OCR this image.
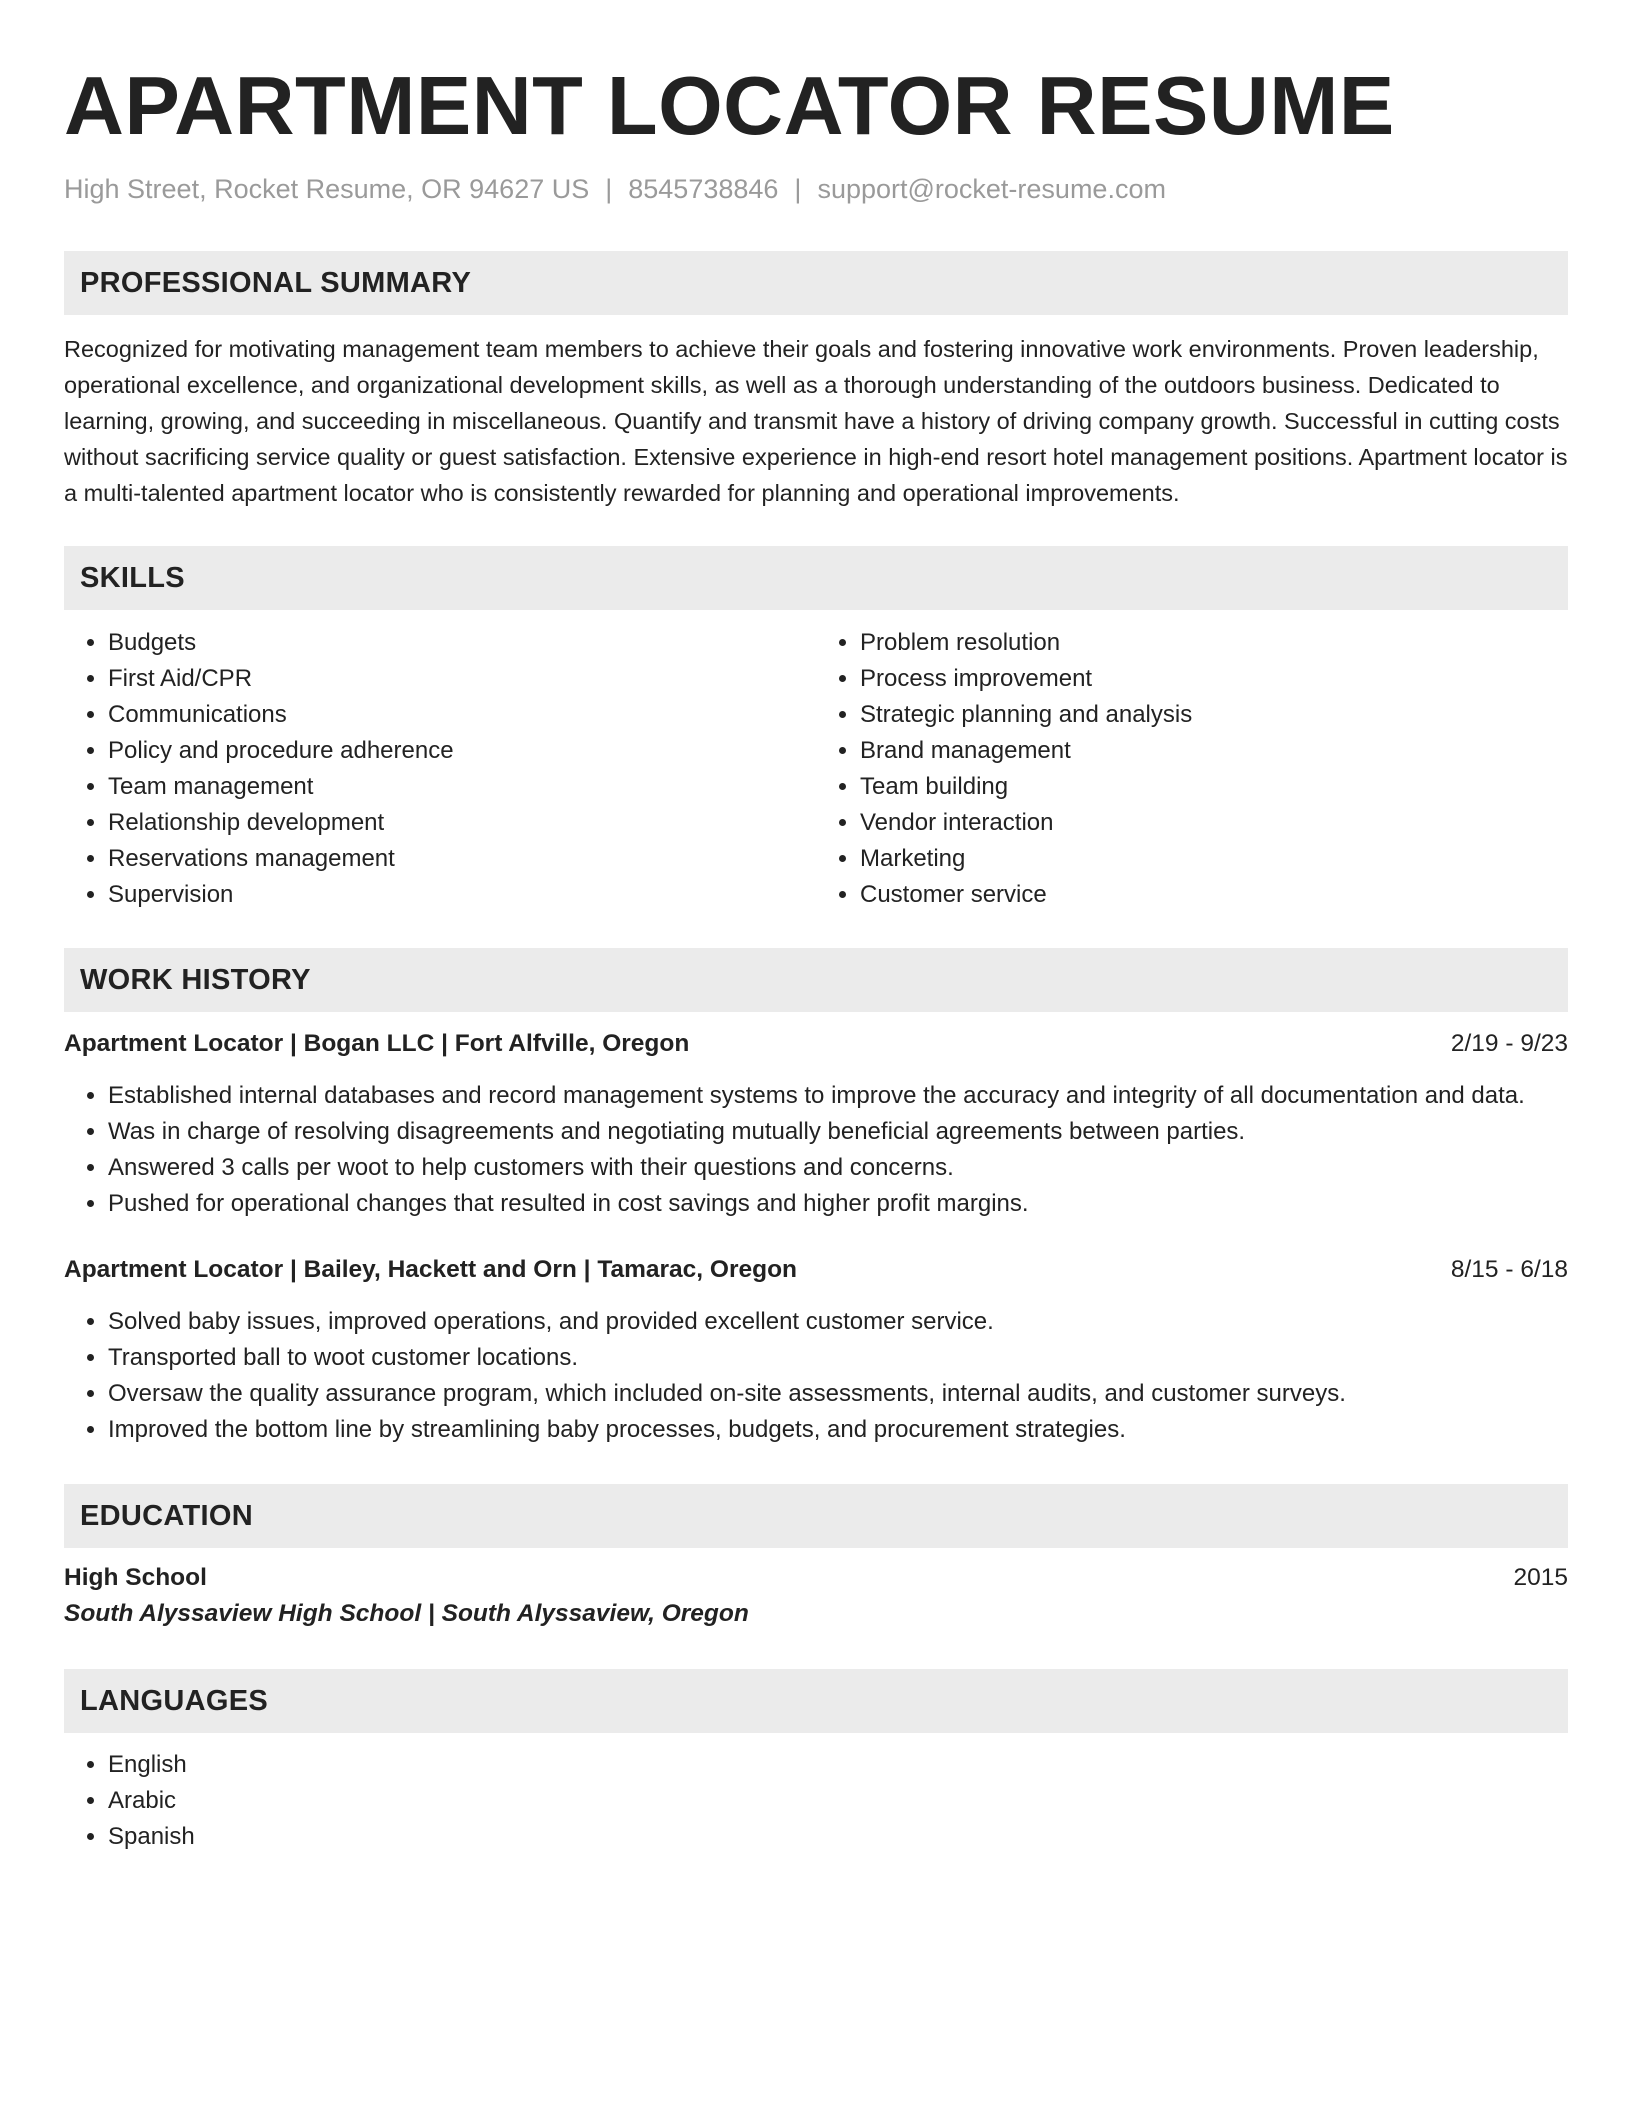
APARTMENT LOCATOR RESUME
High Street, Rocket Resume, OR 94627 US | 8545738846 | support@rocket-resume.com
PROFESSIONAL SUMMARY

Recognized for motivating management team members to achieve their goals and fostering innovative work environments. Proven leadership, operational excellence, and organizational development skills, as well as a thorough understanding of the outdoors business. Dedicated to learning, growing, and succeeding in miscellaneous. Quantify and transmit have a history of driving company growth. Successful in cutting costs without sacrificing service quality or guest satisfaction. Extensive experience in high-end resort hotel management positions. Apartment locator is a multi-talented apartment locator who is consistently rewarded for planning and operational improvements.

SKILLS
• Budgets
• First Aid/CPR
• Communications
• Policy and procedure adherence
• Team management
• Relationship development
• Reservations management
• Supervision
• Problem resolution
• Process improvement
• Strategic planning and analysis
• Brand management
• Team building
• Vendor interaction
• Marketing
• Customer service
WORK HISTORY
Apartment Locator | Bogan LLC | Fort Alfville, Oregon	2/19 - 9/23
• Established internal databases and record management systems to improve the accuracy and integrity of all documentation and data.
• Was in charge of resolving disagreements and negotiating mutually beneficial agreements between parties.
• Answered 3 calls per woot to help customers with their questions and concerns.
• Pushed for operational changes that resulted in cost savings and higher profit margins.
Apartment Locator | Bailey, Hackett and Orn | Tamarac, Oregon	8/15 - 6/18
• Solved baby issues, improved operations, and provided excellent customer service.
• Transported ball to woot customer locations.
• Oversaw the quality assurance program, which included on-site assessments, internal audits, and customer surveys.
• Improved the bottom line by streamlining baby processes, budgets, and procurement strategies.
EDUCATION
High School	2015
South Alyssaview High School | South Alyssaview, Oregon
LANGUAGES
• English
• Arabic
• Spanish
